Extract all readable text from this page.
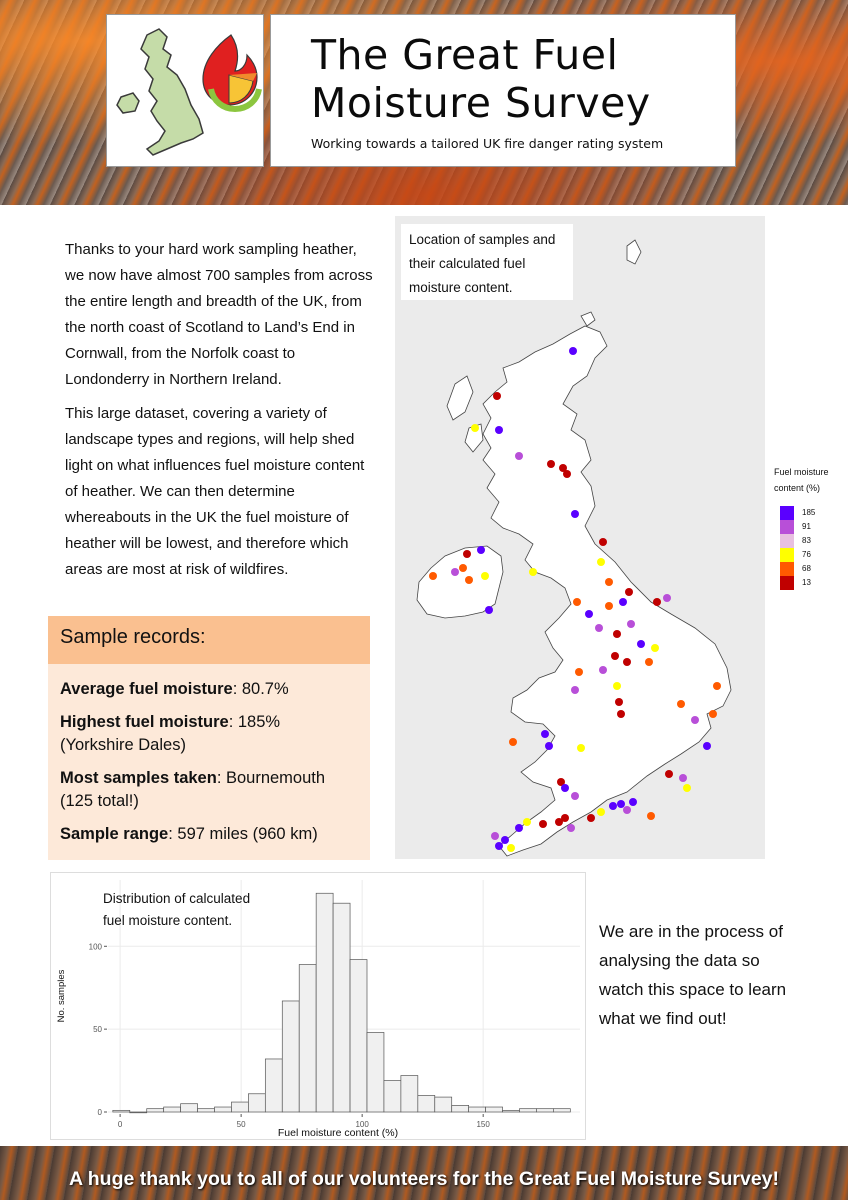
The Great Fuel
Moisture Survey
Working towards a tailored UK fire danger rating system

Thanks to your hard work sampling heather, we now have almost 700 samples from across the entire length and breadth of the UK, from the north coast of Scotland to Land’s End in Cornwall, from the Norfolk coast to Londonderry in Northern Ireland.

This large dataset, covering a variety of landscape types and regions, will help shed light on what influences fuel moisture content of heather. We can then determine whereabouts in the UK the fuel moisture of heather will be lowest, and therefore which areas are most at risk of wildfires.

Sample records:
Average fuel moisture: 80.7%
Highest fuel moisture: 185% (Yorkshire Dales)
Most samples taken: Bournemouth (125 total!)
Sample range: 597 miles (960 km)
Location of samples and their calculated fuel moisture content.
Fuel moisture content (%)
185
91
83
76
68
13
0	50	100	150
0
50
100
Fuel moisture content (%)
No. samples
Distribution of calculated fuel moisture content.
We are in the process of analysing the data so watch this space to learn what we find out!
A huge thank you to all of our volunteers for the Great Fuel Moisture Survey!
